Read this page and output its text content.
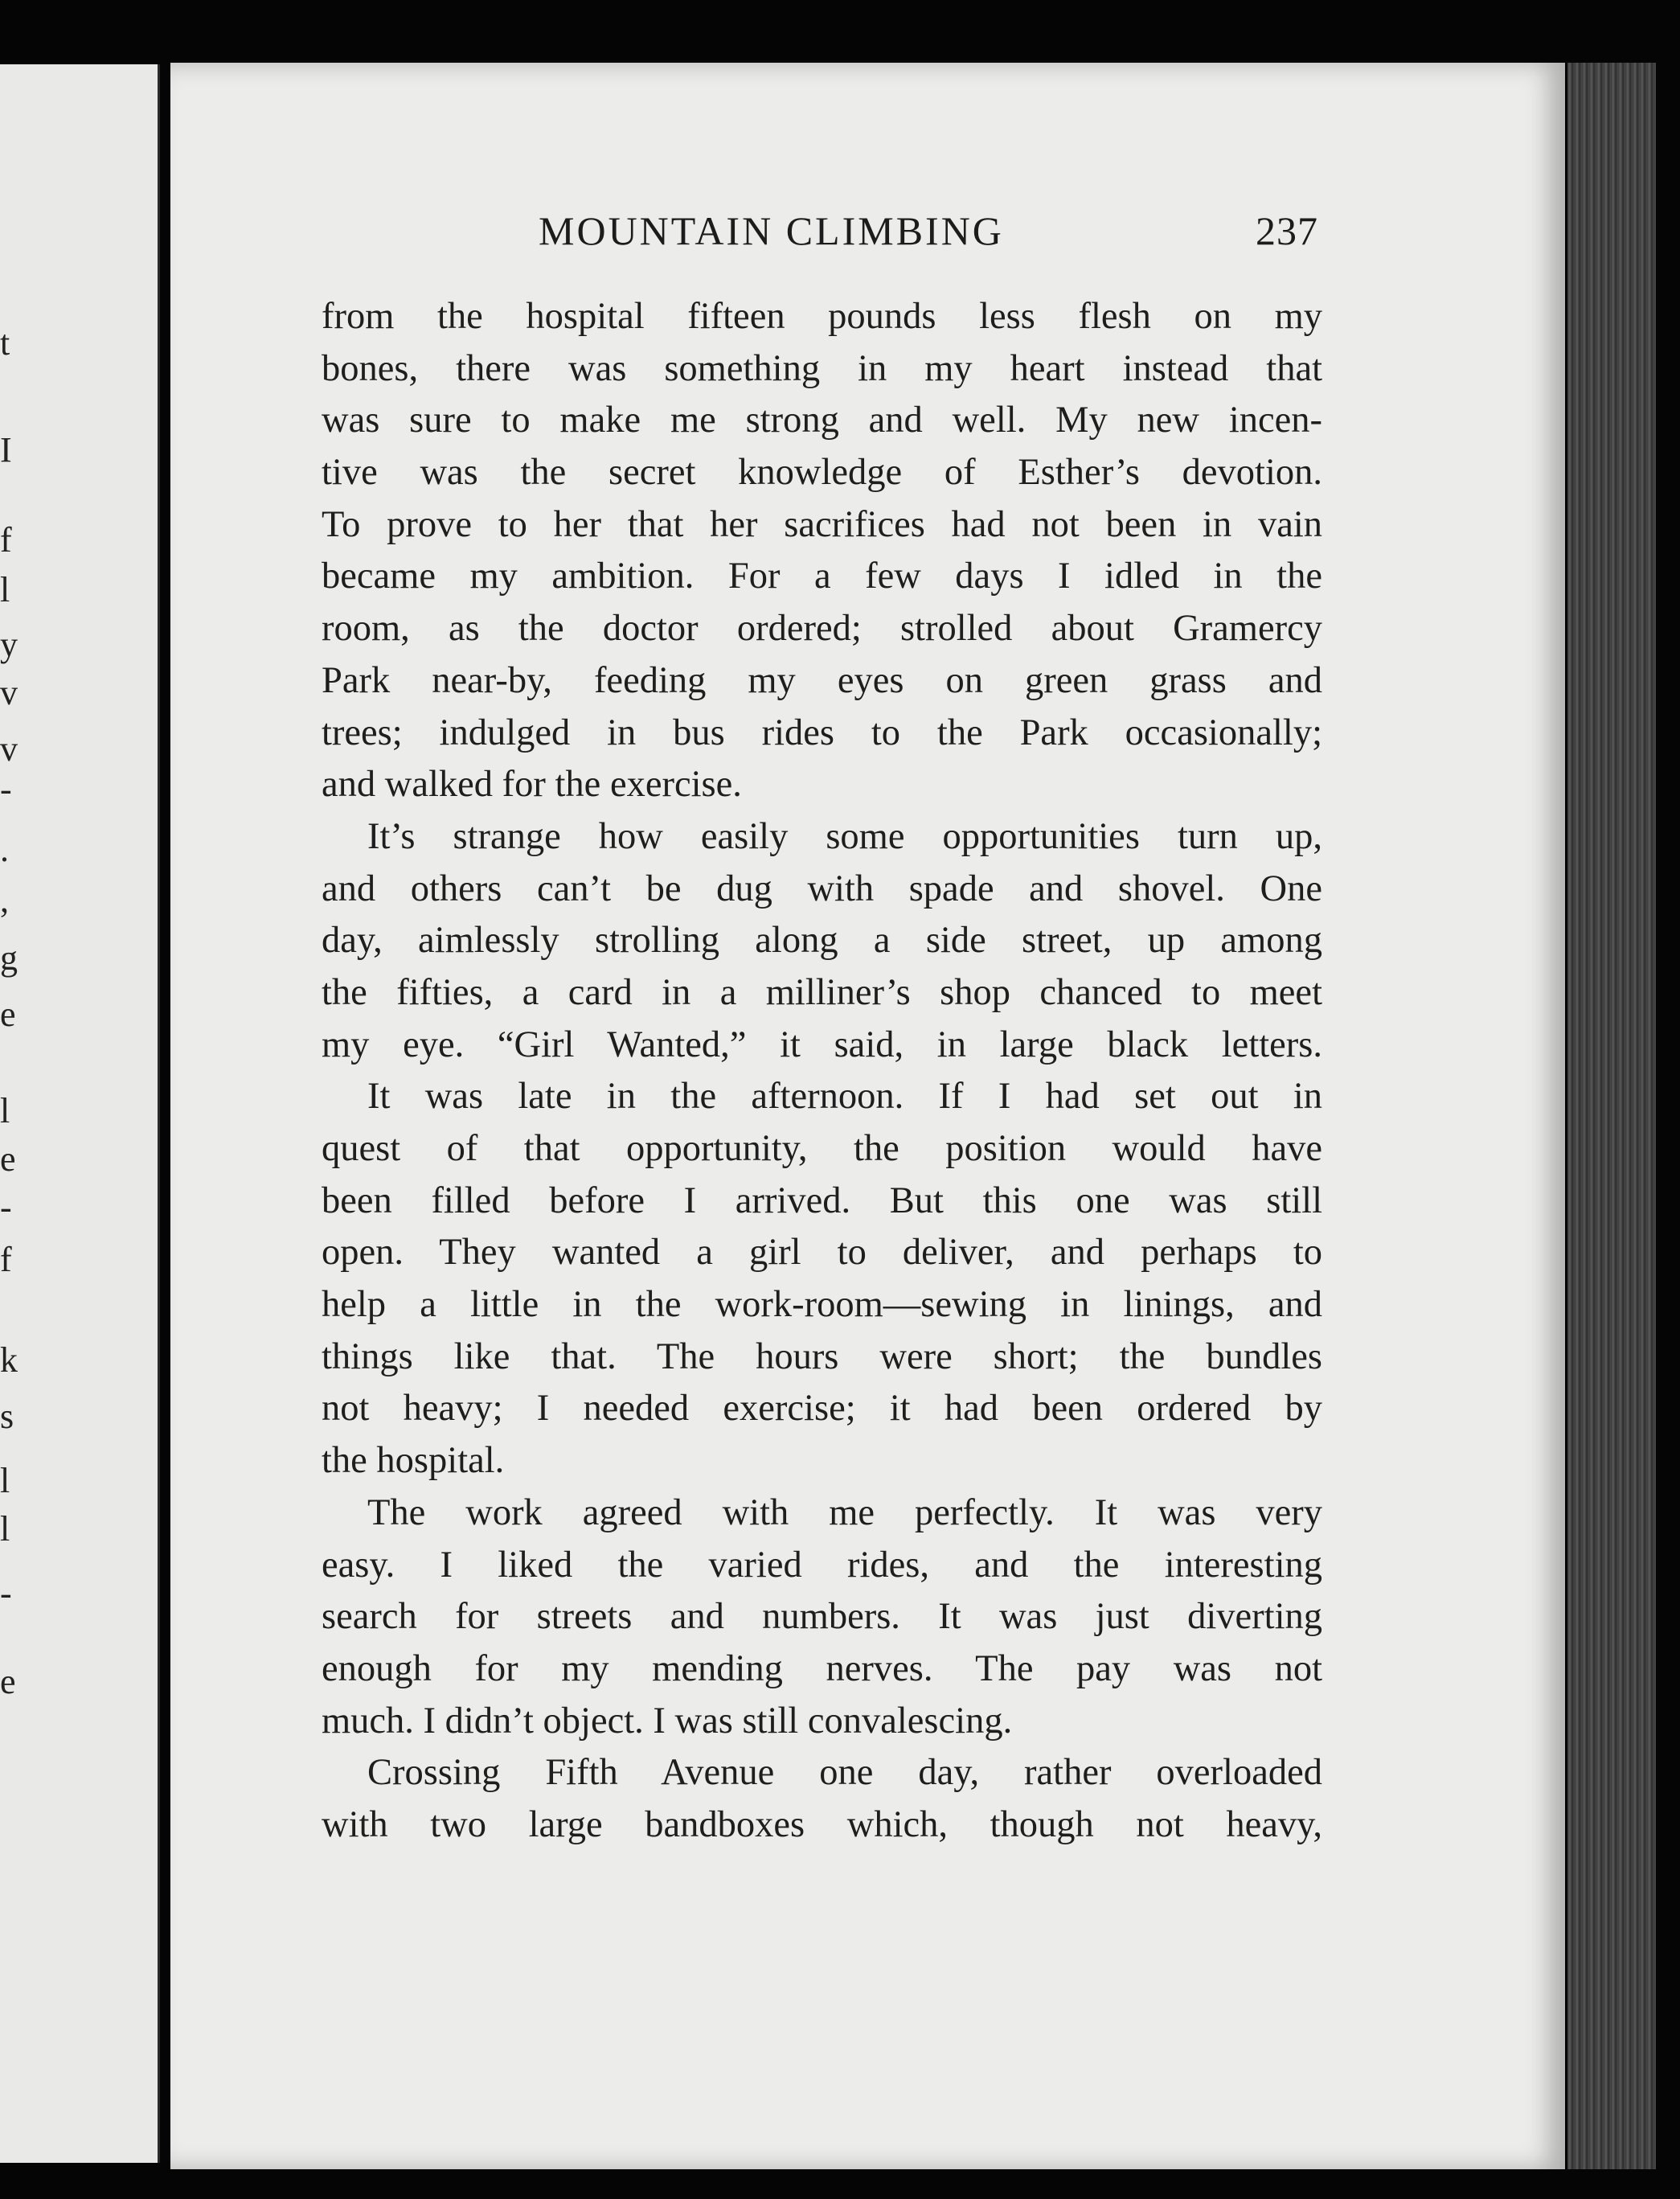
t
I
f
l
y
v
v
-
.
,
g
e
l
e
-
f
k
s
l
l
-
e
MOUNTAIN CLIMBING	237
from the hospital fifteen pounds less flesh on my
bones, there was something in my heart instead that
was sure to make me strong and well. My new incen-
tive was the secret knowledge of Esther’s devotion.
To prove to her that her sacrifices had not been in vain
became my ambition. For a few days I idled in the
room, as the doctor ordered; strolled about Gramercy
Park near-by, feeding my eyes on green grass and
trees; indulged in bus rides to the Park occasionally;
and walked for the exercise.
It’s strange how easily some opportunities turn up,
and others can’t be dug with spade and shovel. One
day, aimlessly strolling along a side street, up among
the fifties, a card in a milliner’s shop chanced to meet
my eye. “Girl Wanted,” it said, in large black letters.
It was late in the afternoon. If I had set out in
quest of that opportunity, the position would have
been filled before I arrived. But this one was still
open. They wanted a girl to deliver, and perhaps to
help a little in the work-room—sewing in linings, and
things like that. The hours were short; the bundles
not heavy; I needed exercise; it had been ordered by
the hospital.
The work agreed with me perfectly. It was very
easy. I liked the varied rides, and the interesting
search for streets and numbers. It was just diverting
enough for my mending nerves. The pay was not
much. I didn’t object. I was still convalescing.
Crossing Fifth Avenue one day, rather overloaded
with two large bandboxes which, though not heavy,
